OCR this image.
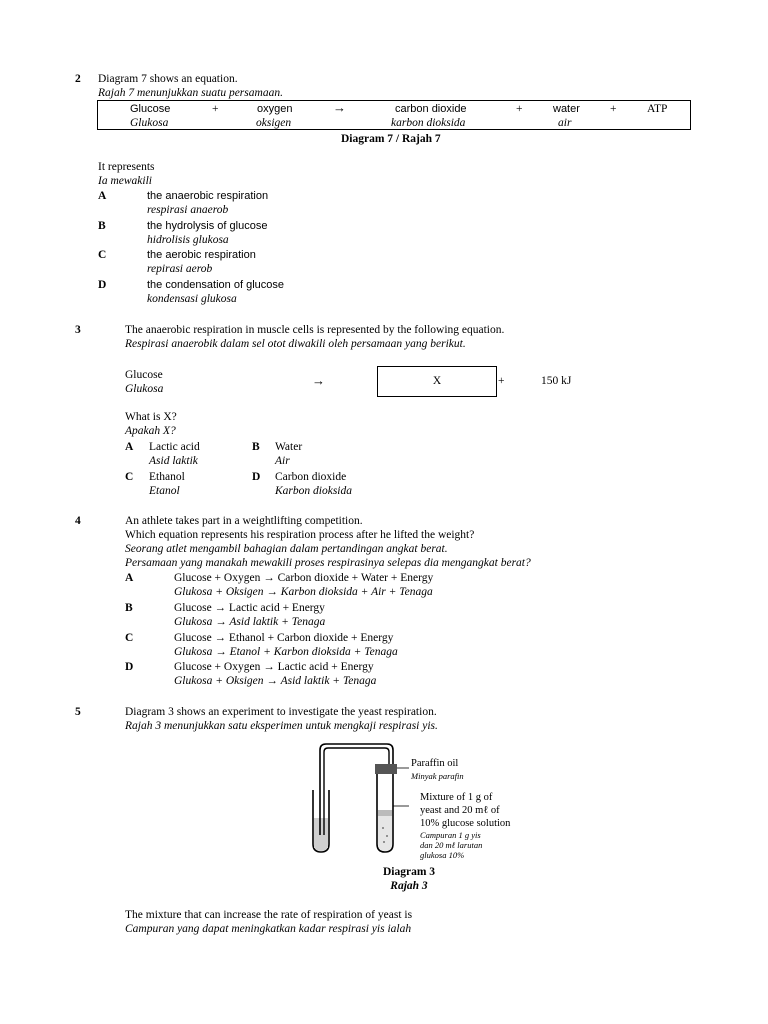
2 Diagram 7 shows an equation.
Rajah 7 menunjukkan suatu persamaan.
Glucose
Glukosa
+	oxygen
oksigen
→	carbon dioxide
karbon dioksida
+	water
air
+	ATP
Diagram 7 / Rajah 7
It represents
Ia mewakili
A	the anaerobic respiration
respirasi anaerob
B	the hydrolysis of glucose
hidrolisis glukosa
C	the aerobic respiration
repirasi aerob
D	the condensation of glucose
kondensasi glukosa
3	The anaerobic respiration in muscle cells is represented by the following equation.
Respirasi anaerobik dalam sel otot diwakili oleh persamaan yang berikut.
Glucose
Glukosa
→	X	+	150 kJ
What is X?
Apakah X?
A Lactic acid
Asid laktik
B Water
Air
C Ethanol
Etanol
D Carbon dioxide
Karbon dioksida
4	An athlete takes part in a weightlifting competition.
Which equation represents his respiration process after he lifted the weight?
Seorang atlet mengambil bahagian dalam pertandingan angkat berat.
Persamaan yang manakah mewakili proses respirasinya selepas dia mengangkat berat?
A	Glucose + Oxygen → Carbon dioxide + Water + Energy
Glukosa + Oksigen → Karbon dioksida + Air + Tenaga
B	Glucose → Lactic acid + Energy
Glukosa → Asid laktik + Tenaga
C	Glucose → Ethanol + Carbon dioxide + Energy
Glukosa → Etanol + Karbon dioksida + Tenaga
D	Glucose + Oxygen → Lactic acid + Energy
Glukosa + Oksigen → Asid laktik + Tenaga
5	Diagram 3 shows an experiment to investigate the yeast respiration.
Rajah 3 menunjukkan satu eksperimen untuk mengkaji respirasi yis.
Paraffin oil
Minyak parafin
Mixture of 1 g of
yeast and 20 mℓ of
10% glucose solution
Campuran 1 g yis
dan 20 mℓ larutan
glukosa 10%
Diagram 3
Rajah 3
The mixture that can increase the rate of respiration of yeast is
Campuran yang dapat meningkatkan kadar respirasi yis ialah
